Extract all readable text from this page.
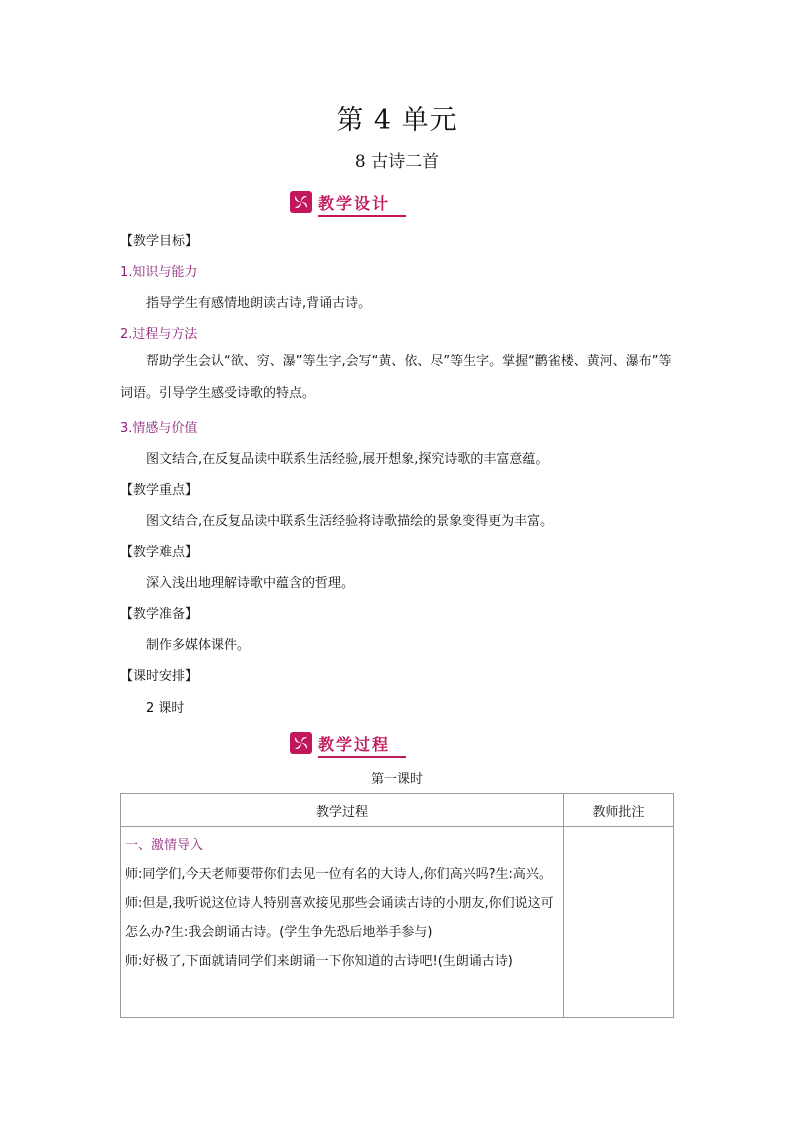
第 4 单元
8 古诗二首
教学设计
【教学目标】
1.知识与能力
指导学生有感情地朗读古诗,背诵古诗。
2.过程与方法
帮助学生会认“欲、穷、瀑”等生字,会写“黄、依、尽”等生字。掌握“鹳雀楼、黄河、瀑布”等词语。引导学生感受诗歌的特点。
3.情感与价值
图文结合,在反复品读中联系生活经验,展开想象,探究诗歌的丰富意蕴。
【教学重点】
图文结合,在反复品读中联系生活经验将诗歌描绘的景象变得更为丰富。
【教学难点】
深入浅出地理解诗歌中蕴含的哲理。
【教学准备】
制作多媒体课件。
【课时安排】
2 课时
教学过程
第一课时
教学过程	教师批注

一、激情导入
师:同学们,今天老师要带你们去见一位有名的大诗人,你们高兴吗?生:高兴。
师:但是,我听说这位诗人特别喜欢接见那些会诵读古诗的小朋友,你们说这可怎么办?生:我会朗诵古诗。(学生争先恐后地举手参与)
师:好极了,下面就请同学们来朗诵一下你知道的古诗吧!(生朗诵古诗)	
